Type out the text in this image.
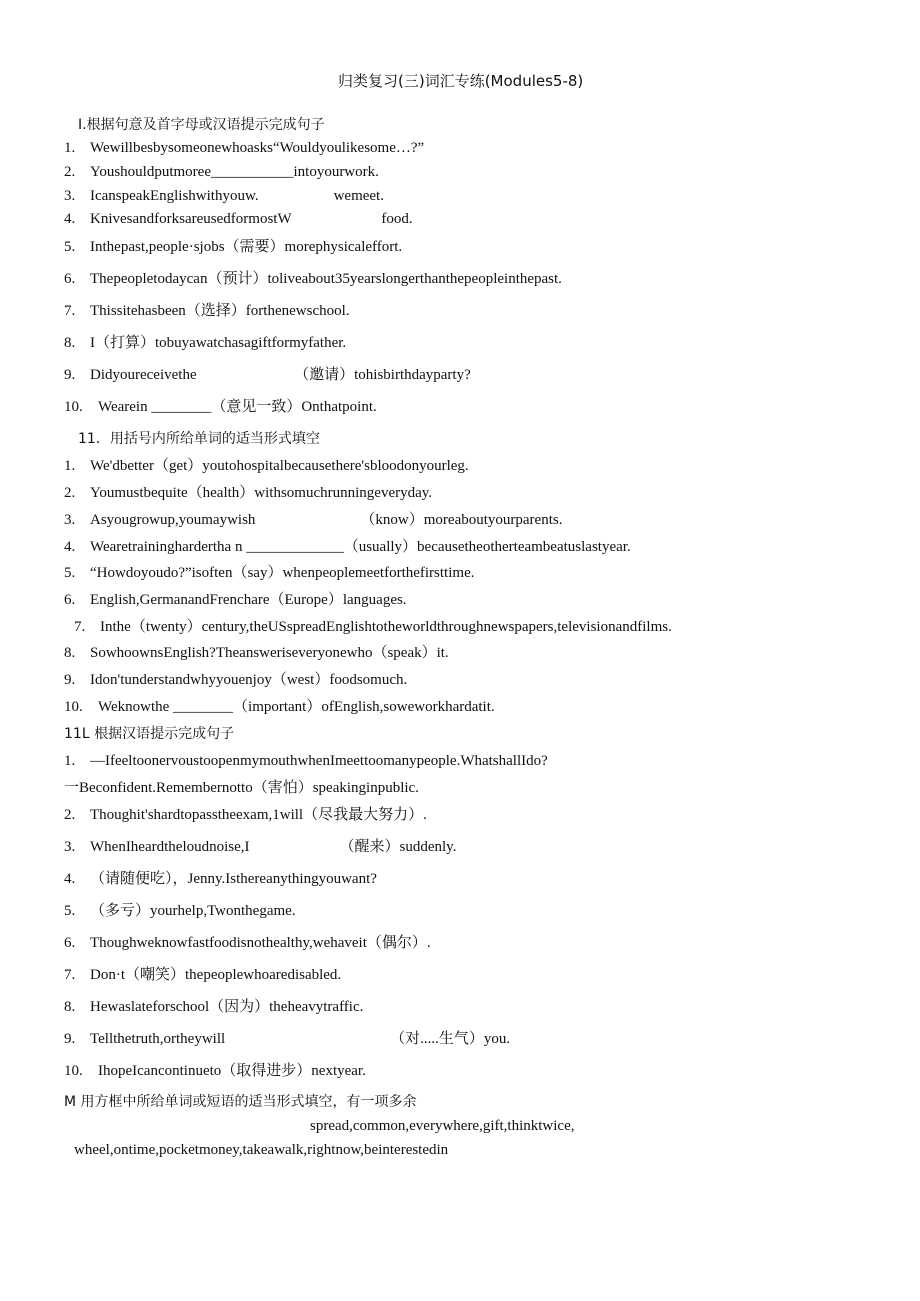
归类复习(三)词汇专练(Modules5-8)
I.根据句意及首字母或汉语提示完成句子
1. Wewillbesbysomeonewhoasks“Wouldyoulikesome…?”
2. Youshouldputmoree___________intoyourwork.
3. IcanspeakEnglishwithyouw.                    wemeet.
4. KnivesandforksareusedformostW                        food.
5. Inthepast,people·sjobs（需要）morephysicaleffort.
6. Thepeopletodaycan（预计）toliveabout35yearslongerthanthepeopleinthepast.
7. Thissitehasbeen（选择）forthenewschool.
8. I（打算）tobuyawatchasagiftformyfather.
9. Didyoureceivethe                          （邀请）tohisbirthdayparty?
10. Wearein ________（意见一致）Onthatpoint.
11．用括号内所给单词的适当形式填空
1. We'dbetter（get）youtohospitalbecausethere'sbloodonyourleg.
2. Youmustbequite（health）withsomuchrunningeveryday.
3. Asyougrowup,youmaywish                            （know）moreaboutyourparents.
4. Wearetraininghardertha n _____________（usually）becausetheotherteambeatuslastyear.
5. “Howdoyoudo?”isoften（say）whenpeoplemeetforthefirsttime.
6. English,GermanandFrenchare（Europe）languages.
7. Inthe（twenty）century,theUSspreadEnglishtotheworldthroughnewspapers,televisionandfilms.
8. SowhoownsEnglish?Theansweriseveryonewho（speak）it.
9. Idon'tunderstandwhyyouenjoy（west）foodsomuch.
10. Weknowthe ________（important）ofEnglish,soweworkhardatit.
11L 根据汉语提示完成句子
1. —IfeeltoonervoustoopenmymouthwhenImeettoomanypeople.WhatshallIdo?
一Beconfident.Remembernotto（害怕）speakinginpublic.
2. Thoughit'shardtopasstheexam,1will（尽我最大努力）.
3. WhenIheardtheloudnoise,I                        （醒来）suddenly.
4. （请随便吃），Jenny.Isthereanythingyouwant?
5. （多亏）yourhelp,Twonthegame.
6. Thoughweknowfastfoodisnothealthy,wehaveit（偶尔）.
7. Don·t（嘲笑）thepeoplewhoaredisabled.
8. Hewaslateforschool（因为）theheavytraffic.
9. Tellthetruth,ortheywill                                            （对.....生气）you.
10. IhopeIcancontinueto（取得进步）nextyear.
M 用方框中所给单词或短语的适当形式填空，有一项多余
spread,common,everywhere,gift,thinktwice,
wheel,ontime,pocketmoney,takeawalk,rightnow,beinterestedin
